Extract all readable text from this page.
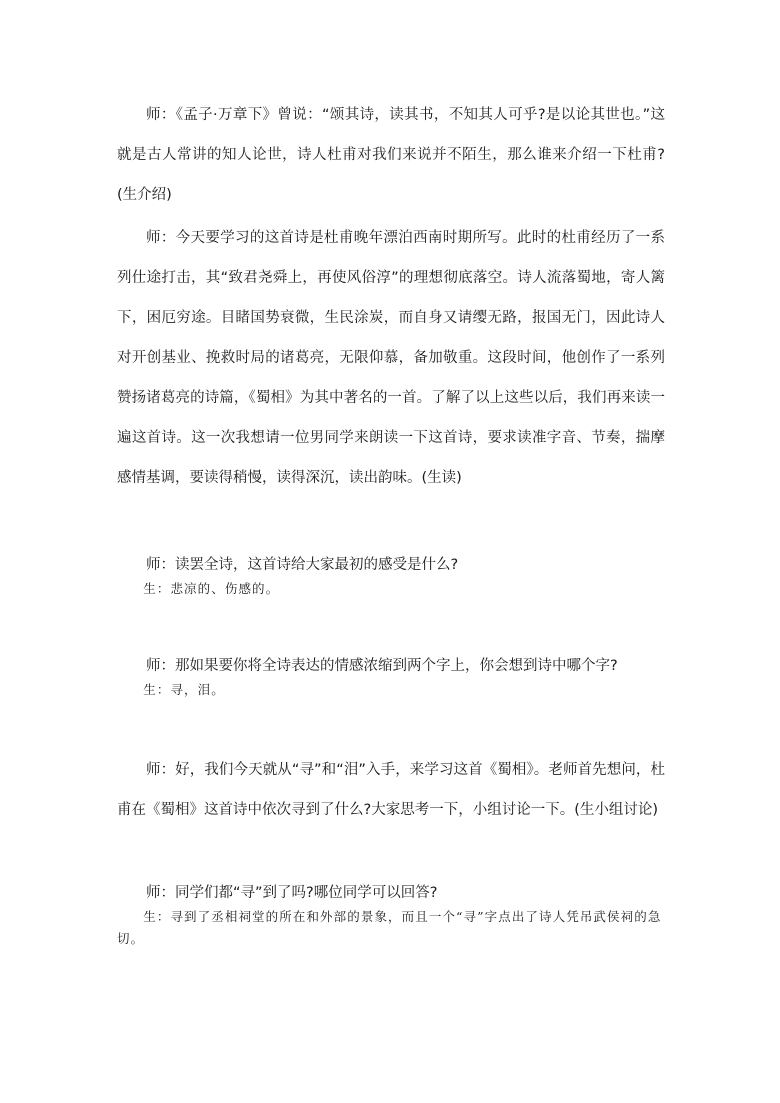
师：《孟子·万章下》曾说：“颂其诗，读其书，不知其人可乎?是以论其世也。”这就是古人常讲的知人论世，诗人杜甫对我们来说并不陌生，那么谁来介绍一下杜甫?(生介绍)

师：今天要学习的这首诗是杜甫晚年漂泊西南时期所写。此时的杜甫经历了一系列仕途打击，其“致君尧舜上，再使风俗淳”的理想彻底落空。诗人流落蜀地，寄人篱下，困厄穷途。目睹国势衰微，生民涂炭，而自身又请缨无路，报国无门，因此诗人对开创基业、挽救时局的诸葛亮，无限仰慕，备加敬重。这段时间，他创作了一系列赞扬诸葛亮的诗篇，《蜀相》为其中著名的一首。了解了以上这些以后，我们再来读一遍这首诗。这一次我想请一位男同学来朗读一下这首诗，要求读准字音、节奏，揣摩感情基调，要读得稍慢，读得深沉，读出韵味。(生读)

师：读罢全诗，这首诗给大家最初的感受是什么?

生：悲凉的、伤感的。

师：那如果要你将全诗表达的情感浓缩到两个字上，你会想到诗中哪个字?

生：寻，泪。

师：好，我们今天就从“寻”和“泪”入手，来学习这首《蜀相》。老师首先想问，杜甫在《蜀相》这首诗中依次寻到了什么?大家思考一下，小组讨论一下。(生小组讨论)

师：同学们都“寻”到了吗?哪位同学可以回答?

生：寻到了丞相祠堂的所在和外部的景象，而且一个“寻”字点出了诗人凭吊武侯祠的急切。
